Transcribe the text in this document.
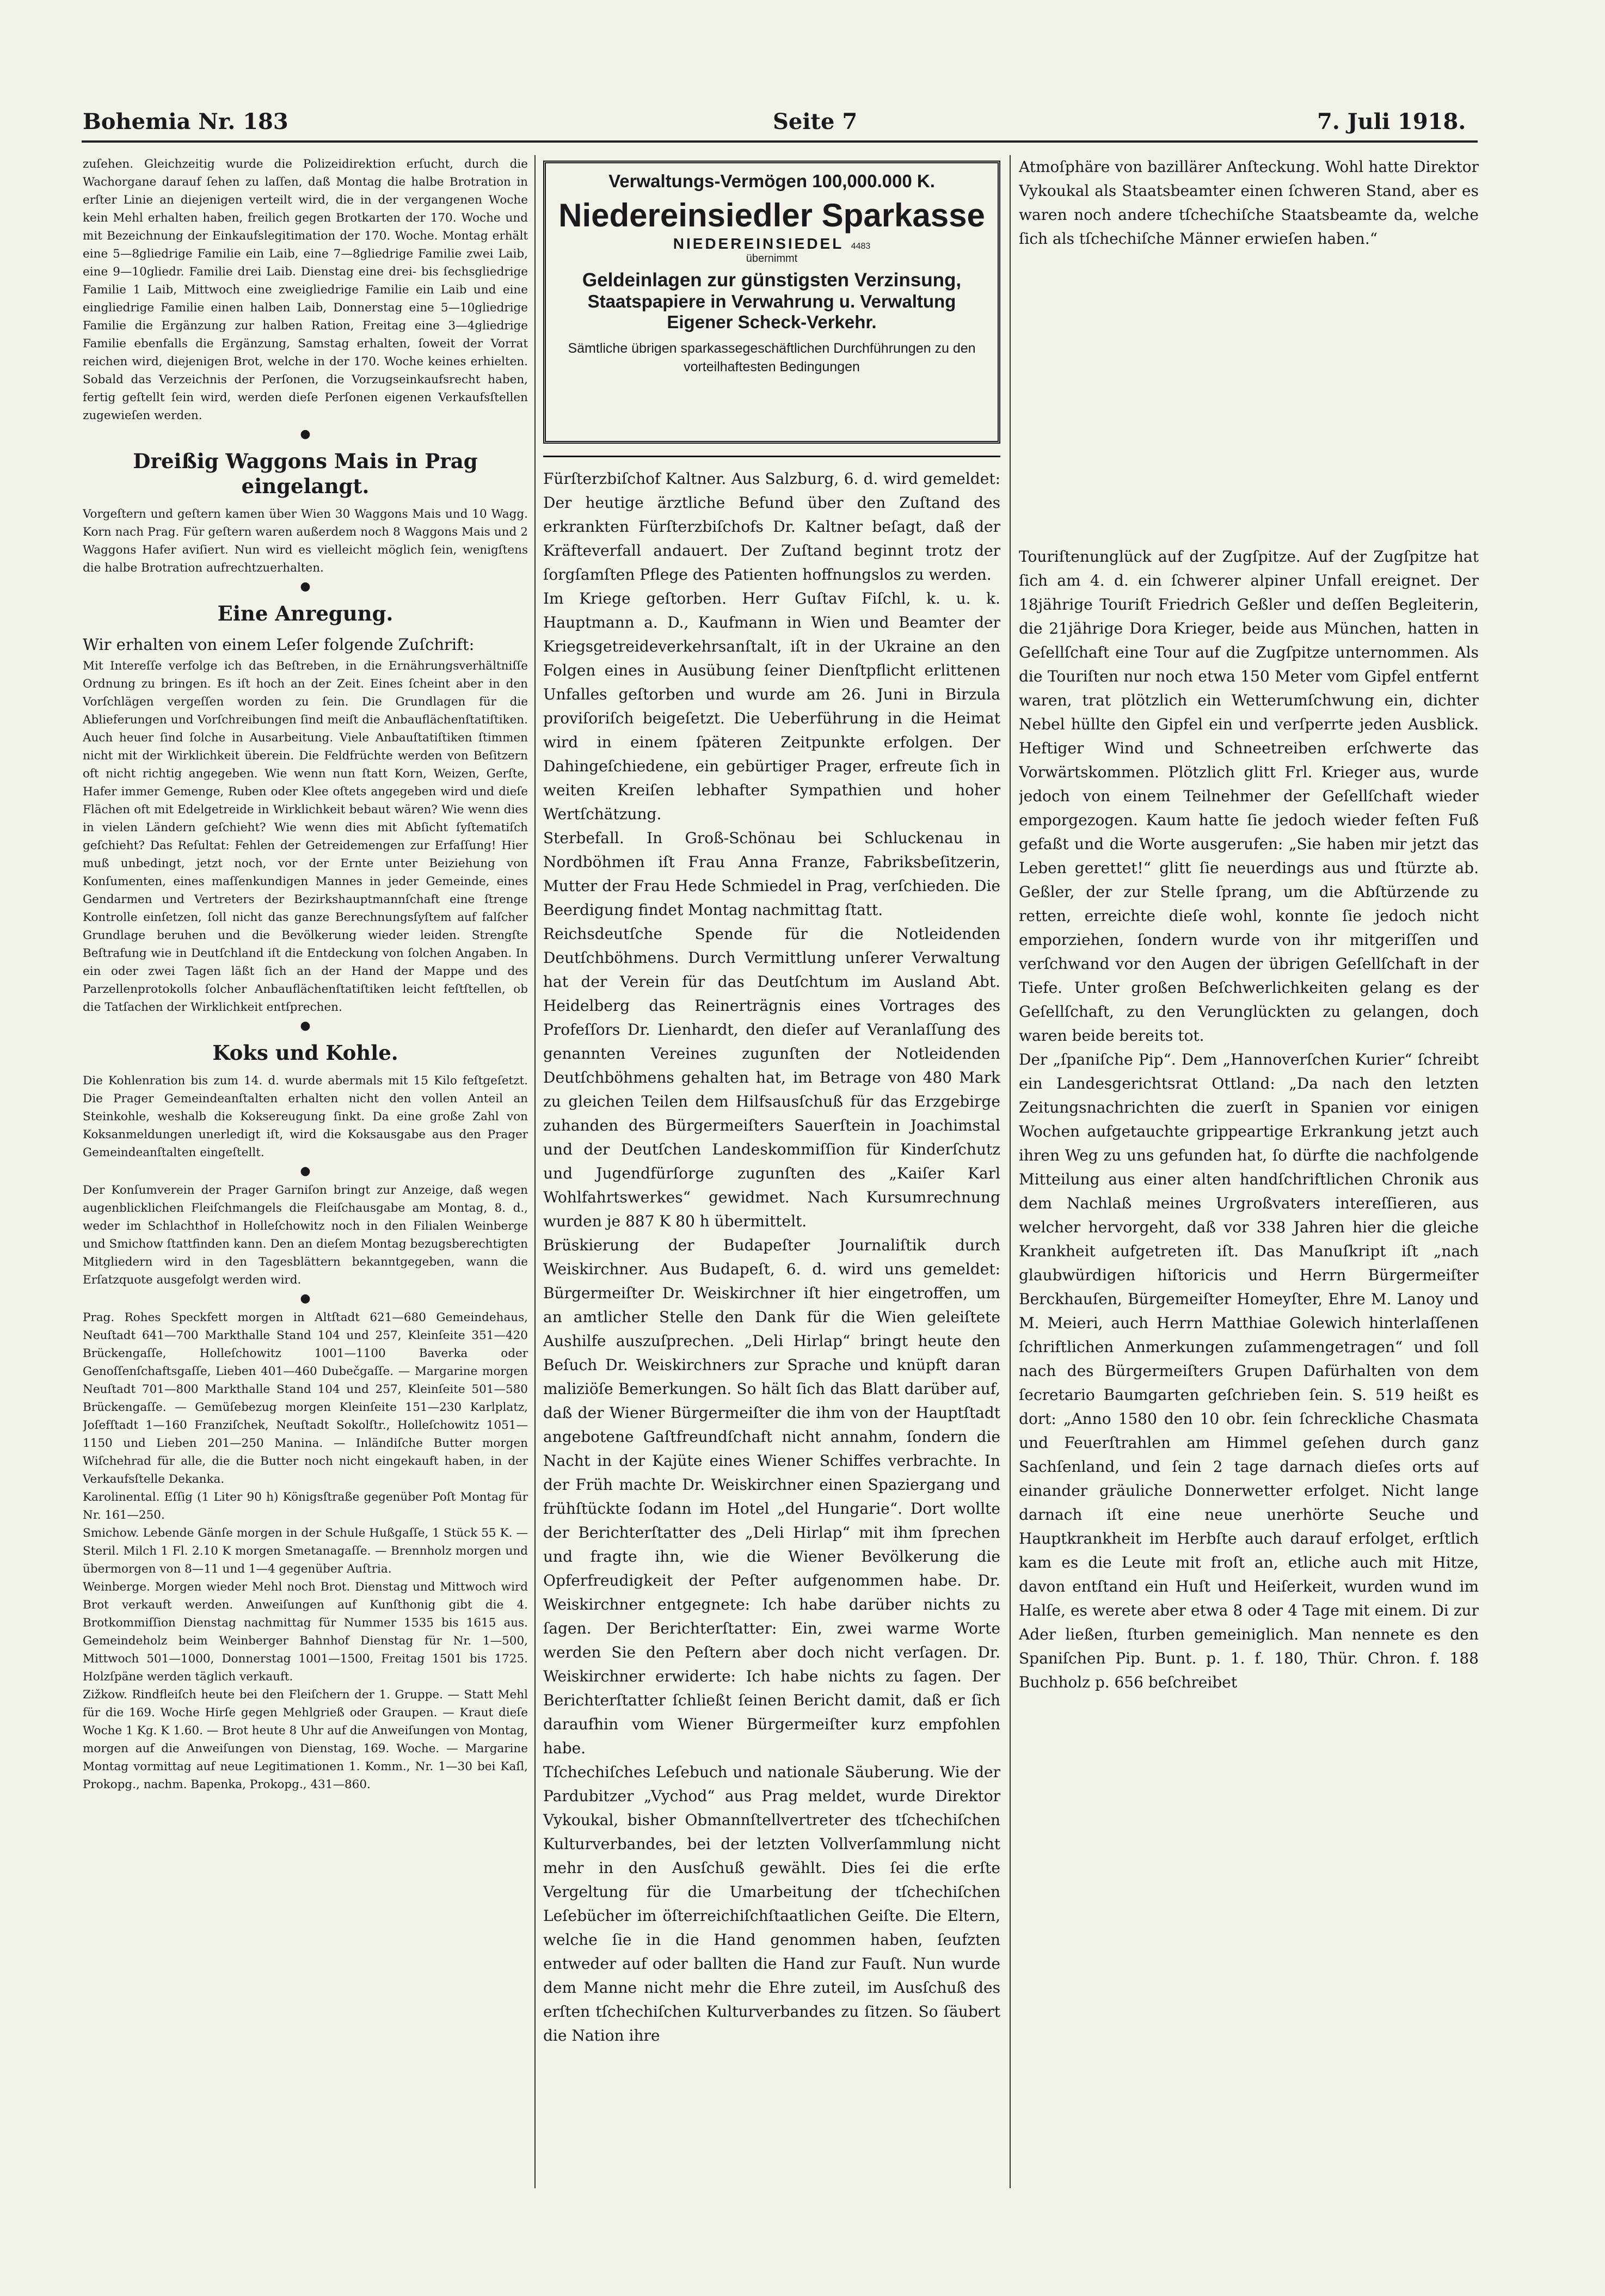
Bohemia Nr. 183	Seite 7	7. Juli 1918.

zuſehen. Gleichzeitig wurde die Polizeidirektion erſucht, durch die Wachorgane darauf ſehen zu laſſen, daß Montag die halbe Brotration in erſter Linie an diejenigen verteilt wird, die in der vergangenen Woche kein Mehl erhalten haben, freilich gegen Brotkarten der 170. Woche und mit Bezeichnung der Einkaufslegitimation der 170. Woche. Montag erhält eine 5—8gliedrige Familie ein Laib, eine 7—8gliedrige Familie zwei Laib, eine 9—10gliedr. Familie drei Laib. Dienstag eine drei- bis ſechsgliedrige Familie 1 Laib, Mittwoch eine zweigliedrige Familie ein Laib und eine eingliedrige Familie einen halben Laib, Donnerstag eine 5—10gliedrige Familie die Ergänzung zur halben Ration, Freitag eine 3—4gliedrige Familie ebenfalls die Ergänzung, Samstag erhalten, ſoweit der Vorrat reichen wird, diejenigen Brot, welche in der 170. Woche keines erhielten. Sobald das Verzeichnis der Perſonen, die Vorzugseinkaufsrecht haben, fertig geſtellt ſein wird, werden dieſe Perſonen eigenen Verkaufsſtellen zugewieſen werden.

●
Dreißig Waggons Mais in Prag eingelangt.

Vorgeſtern und geſtern kamen über Wien 30 Waggons Mais und 10 Wagg. Korn nach Prag. Für geſtern waren außerdem noch 8 Waggons Mais und 2 Waggons Hafer aviſiert. Nun wird es vielleicht möglich ſein, wenigſtens die halbe Brotration aufrechtzuerhalten.

●
Eine Anregung.

Wir erhalten von einem Leſer folgende Zuſchrift:

Mit Intereſſe verfolge ich das Beſtreben, in die Ernährungsverhältniſſe Ordnung zu bringen. Es iſt hoch an der Zeit. Eines ſcheint aber in den Vorſchlägen vergeſſen worden zu ſein. Die Grundlagen für die Ablieferungen und Vorſchreibungen ſind meiſt die Anbauflächenſtatiſtiken. Auch heuer ſind ſolche in Ausarbeitung. Viele Anbauſtatiſtiken ſtimmen nicht mit der Wirklichkeit überein. Die Feldfrüchte werden von Beſitzern oft nicht richtig angegeben. Wie wenn nun ſtatt Korn, Weizen, Gerſte, Hafer immer Gemenge, Ruben oder Klee oſtets angegeben wird und dieſe Flächen oft mit Edelgetreide in Wirklichkeit bebaut wären? Wie wenn dies in vielen Ländern geſchieht? Wie wenn dies mit Abſicht ſyſtematiſch geſchieht? Das Reſultat: Fehlen der Getreidemengen zur Erfaſſung! Hier muß unbedingt, jetzt noch, vor der Ernte unter Beiziehung von Konſumenten, eines maſſenkundigen Mannes in jeder Gemeinde, eines Gendarmen und Vertreters der Bezirkshauptmannſchaft eine ſtrenge Kontrolle einſetzen, ſoll nicht das ganze Berechnungsſyſtem auf falſcher Grundlage beruhen und die Bevölkerung wieder leiden. Strengſte Beſtrafung wie in Deutſchland iſt die Entdeckung von ſolchen Angaben. In ein oder zwei Tagen läßt ſich an der Hand der Mappe und des Parzellenprotokolls ſolcher Anbauflächenſtatiſtiken leicht feſtſtellen, ob die Tatſachen der Wirklichkeit entſprechen.

●
Koks und Kohle.

Die Kohlenration bis zum 14. d. wurde abermals mit 15 Kilo feſtgeſetzt. Die Prager Gemeindeanſtalten erhalten nicht den vollen Anteil an Steinkohle, weshalb die Koksereugung ſinkt. Da eine große Zahl von Koksanmeldungen unerledigt iſt, wird die Koksausgabe aus den Prager Gemeindeanſtalten eingeſtellt.

●

Der Konſumverein der Prager Garniſon bringt zur Anzeige, daß wegen augenblicklichen Fleiſchmangels die Fleiſchausgabe am Montag, 8. d., weder im Schlachthof in Holleſchowitz noch in den Filialen Weinberge und Smichow ſtattfinden kann. Den an dieſem Montag bezugsberechtigten Mitgliedern wird in den Tagesblättern bekanntgegeben, wann die Erſatzquote ausgefolgt werden wird.

●

Prag. Rohes Speckfett morgen in Altſtadt 621—680 Gemeindehaus, Neuſtadt 641—700 Markthalle Stand 104 und 257, Kleinſeite 351—420 Brückengaſſe, Holleſchowitz 1001—1100 Baverka oder Genoſſenſchaftsgaſſe, Lieben 401—460 Dubečgaſſe. — Margarine morgen Neuſtadt 701—800 Markthalle Stand 104 und 257, Kleinſeite 501—580 Brückengaſſe. — Gemüſebezug morgen Kleinſeite 151—230 Karlplatz, Joſefſtadt 1—160 Franziſchek, Neuſtadt Sokolſtr., Holleſchowitz 1051—1150 und Lieben 201—250 Manina. — Inländiſche Butter morgen Wiſchehrad für alle, die die Butter noch nicht eingekauft haben, in der Verkaufsſtelle Dekanka.

Karolinental. Eſſig (1 Liter 90 h) Königsſtraße gegenüber Poſt Montag für Nr. 161—250.

Smichow. Lebende Gänſe morgen in der Schule Hußgaſſe, 1 Stück 55 K. — Steril. Milch 1 Fl. 2.10 K morgen Smetanagaſſe. — Brennholz morgen und übermorgen von 8—11 und 1—4 gegenüber Auſtria.

Weinberge. Morgen wieder Mehl noch Brot. Dienstag und Mittwoch wird Brot verkauft werden. Anweiſungen auf Kunſthonig gibt die 4. Brotkommiſſion Dienstag nachmittag für Nummer 1535 bis 1615 aus. Gemeindeholz beim Weinberger Bahnhof Dienstag für Nr. 1—500, Mittwoch 501—1000, Donnerstag 1001—1500, Freitag 1501 bis 1725. Holzſpäne werden täglich verkauft.

Zižkow. Rindfleiſch heute bei den Fleiſchern der 1. Gruppe. — Statt Mehl für die 169. Woche Hirſe gegen Mehlgrieß oder Graupen. — Kraut dieſe Woche 1 Kg. K 1.60. — Brot heute 8 Uhr auf die Anweiſungen von Montag, morgen auf die Anweiſungen von Dienstag, 169. Woche. — Margarine Montag vormittag auf neue Legitimationen 1. Komm., Nr. 1—30 bei Kaſl, Prokopg., nachm. Bapenka, Prokopg., 431—860.

Verwaltungs-Vermögen 100,000.000 K.
Niedereinsiedler Sparkasse
NIEDEREINSIEDEL 4483
übernimmt
Geldeinlagen zur günstigsten Verzinsung,
Staatspapiere in Verwahrung u. Verwaltung
Eigener Scheck-Verkehr.
Sämtliche übrigen sparkassegeschäftlichen Durchführungen zu den vorteilhaftesten Bedingungen

Fürſterzbiſchof Kaltner. Aus Salzburg, 6. d. wird gemeldet: Der heutige ärztliche Befund über den Zuſtand des erkrankten Fürſterzbiſchofs Dr. Kaltner beſagt, daß der Kräfteverfall andauert. Der Zuſtand beginnt trotz der ſorgſamſten Pflege des Patienten hoffnungslos zu werden.

Im Kriege geſtorben. Herr Guſtav Fiſchl, k. u. k. Hauptmann a. D., Kaufmann in Wien und Beamter der Kriegsgetreideverkehrsanſtalt, iſt in der Ukraine an den Folgen eines in Ausübung ſeiner Dienſtpflicht erlittenen Unfalles geſtorben und wurde am 26. Juni in Birzula proviſoriſch beigeſetzt. Die Ueberführung in die Heimat wird in einem ſpäteren Zeitpunkte erfolgen. Der Dahingeſchiedene, ein gebürtiger Prager, erfreute ſich in weiten Kreiſen lebhafter Sympathien und hoher Wertſchätzung.

Sterbefall. In Groß-Schönau bei Schluckenau in Nordböhmen iſt Frau Anna Franze, Fabriksbeſitzerin, Mutter der Frau Hede Schmiedel in Prag, verſchieden. Die Beerdigung findet Montag nachmittag ſtatt.

Reichsdeutſche Spende für die Notleidenden Deutſchböhmens. Durch Vermittlung unſerer Verwaltung hat der Verein für das Deutſchtum im Ausland Abt. Heidelberg das Reinerträgnis eines Vortrages des Profeſſors Dr. Lienhardt, den dieſer auf Veranlaſſung des genannten Vereines zugunſten der Notleidenden Deutſchböhmens gehalten hat, im Betrage von 480 Mark zu gleichen Teilen dem Hilfsausſchuß für das Erzgebirge zuhanden des Bürgermeiſters Sauerſtein in Joachimstal und der Deutſchen Landeskommiſſion für Kinderſchutz und Jugendfürſorge zugunſten des „Kaiſer Karl Wohlfahrtswerkes“ gewidmet. Nach Kursumrechnung wurden je 887 K 80 h übermittelt.

Brüskierung der Budapeſter Journaliſtik durch Weiskirchner. Aus Budapeſt, 6. d. wird uns gemeldet: Bürgermeiſter Dr. Weiskirchner iſt hier eingetroffen, um an amtlicher Stelle den Dank für die Wien geleiſtete Aushilfe auszuſprechen. „Deli Hirlap“ bringt heute den Beſuch Dr. Weiskirchners zur Sprache und knüpft daran maliziöſe Bemerkungen. So hält ſich das Blatt darüber auf, daß der Wiener Bürgermeiſter die ihm von der Hauptſtadt angebotene Gaſtfreundſchaft nicht annahm, ſondern die Nacht in der Kajüte eines Wiener Schiffes verbrachte. In der Früh machte Dr. Weiskirchner einen Spaziergang und frühſtückte ſodann im Hotel „del Hungarie“. Dort wollte der Berichterſtatter des „Deli Hirlap“ mit ihm ſprechen und fragte ihn, wie die Wiener Bevölkerung die Opferfreudigkeit der Peſter aufgenommen habe. Dr. Weiskirchner entgegnete: Ich habe darüber nichts zu ſagen. Der Berichterſtatter: Ein, zwei warme Worte werden Sie den Peſtern aber doch nicht verſagen. Dr. Weiskirchner erwiderte: Ich habe nichts zu ſagen. Der Berichterſtatter ſchließt ſeinen Bericht damit, daß er ſich daraufhin vom Wiener Bürgermeiſter kurz empfohlen habe.

Tſchechiſches Leſebuch und nationale Säuberung. Wie der Pardubitzer „Vychod“ aus Prag meldet, wurde Direktor Vykoukal, bisher Obmannſtellvertreter des tſchechiſchen Kulturverbandes, bei der letzten Vollverſammlung nicht mehr in den Ausſchuß gewählt. Dies ſei die erſte Vergeltung für die Umarbeitung der tſchechiſchen Leſebücher im öſterreichiſchſtaatlichen Geiſte. Die Eltern, welche ſie in die Hand genommen haben, ſeufzten entweder auf oder ballten die Hand zur Fauſt. Nun wurde dem Manne nicht mehr die Ehre zuteil, im Ausſchuß des erſten tſchechiſchen Kulturverbandes zu ſitzen. So ſäubert die Nation ihre

Atmoſphäre von bazillärer Anſteckung. Wohl hatte Direktor Vykoukal als Staatsbeamter einen ſchweren Stand, aber es waren noch andere tſchechiſche Staatsbeamte da, welche ſich als tſchechiſche Männer erwieſen haben.“

Touriſtenunglück auf der Zugſpitze. Auf der Zugſpitze hat ſich am 4. d. ein ſchwerer alpiner Unfall ereignet. Der 18jährige Touriſt Friedrich Geßler und deſſen Begleiterin, die 21jährige Dora Krieger, beide aus München, hatten in Geſellſchaft eine Tour auf die Zugſpitze unternommen. Als die Touriſten nur noch etwa 150 Meter vom Gipfel entfernt waren, trat plötzlich ein Wetterumſchwung ein, dichter Nebel hüllte den Gipfel ein und verſperrte jeden Ausblick. Heftiger Wind und Schneetreiben erſchwerte das Vorwärtskommen. Plötzlich glitt Frl. Krieger aus, wurde jedoch von einem Teilnehmer der Geſellſchaft wieder emporgezogen. Kaum hatte ſie jedoch wieder feſten Fuß gefaßt und die Worte ausgerufen: „Sie haben mir jetzt das Leben gerettet!“ glitt ſie neuerdings aus und ſtürzte ab. Geßler, der zur Stelle ſprang, um die Abſtürzende zu retten, erreichte dieſe wohl, konnte ſie jedoch nicht emporziehen, ſondern wurde von ihr mitgeriſſen und verſchwand vor den Augen der übrigen Geſellſchaft in der Tiefe. Unter großen Beſchwerlichkeiten gelang es der Geſellſchaft, zu den Verunglückten zu gelangen, doch waren beide bereits tot.

Der „ſpaniſche Pip“. Dem „Hannoverſchen Kurier“ ſchreibt ein Landesgerichtsrat Ottland: „Da nach den letzten Zeitungsnachrichten die zuerſt in Spanien vor einigen Wochen aufgetauchte grippeartige Erkrankung jetzt auch ihren Weg zu uns gefunden hat, ſo dürfte die nachfolgende Mitteilung aus einer alten handſchriftlichen Chronik aus dem Nachlaß meines Urgroßvaters intereſſieren, aus welcher hervorgeht, daß vor 338 Jahren hier die gleiche Krankheit aufgetreten iſt. Das Manuſkript iſt „nach glaubwürdigen hiſtoricis und Herrn Bürgermeiſter Berckhauſen, Bürgemeiſter Homeyſter, Ehre M. Lanoy und M. Meieri, auch Herrn Matthiae Golewich hinterlaſſenen ſchriftlichen Anmerkungen zuſammengetragen“ und ſoll nach des Bürgermeiſters Grupen Dafürhalten von dem ſecretario Baumgarten geſchrieben ſein. S. 519 heißt es dort: „Anno 1580 den 10 obr. ſein ſchreckliche Chasmata und Feuerſtrahlen am Himmel geſehen durch ganz Sachſenland, und ſein 2 tage darnach dieſes orts auf einander gräuliche Donnerwetter erfolget. Nicht lange darnach iſt eine neue unerhörte Seuche und Hauptkrankheit im Herbſte auch darauf erfolget, erſtlich kam es die Leute mit froſt an, etliche auch mit Hitze, davon entſtand ein Huſt und Heiſerkeit, wurden wund im Halſe, es werete aber etwa 8 oder 4 Tage mit einem. Di zur Ader ließen, ſturben gemeiniglich. Man nennete es den Spaniſchen Pip. Bunt. p. 1. f. 180, Thür. Chron. f. 188 Buchholz p. 656 beſchreibet
